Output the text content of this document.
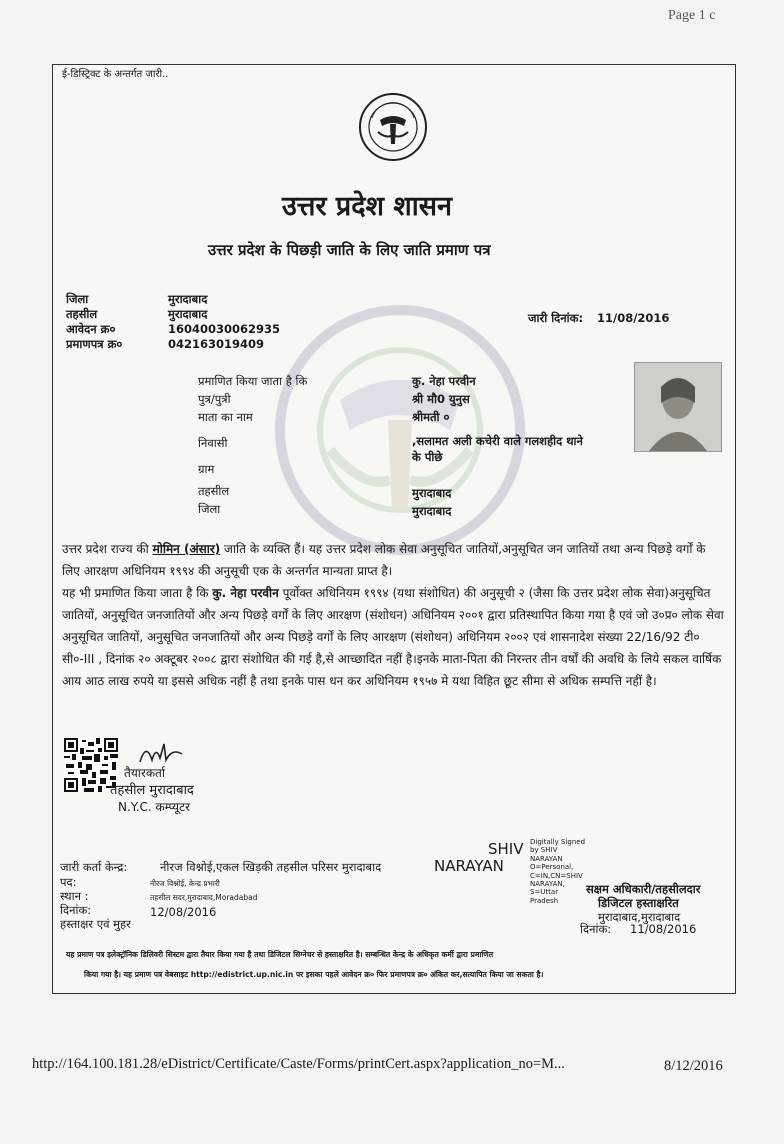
Page 1 c
ई-डिस्ट्रिक्ट के अन्तर्गत जारी..
उत्तर प्रदेश शासन
उत्तर प्रदेश के पिछड़ी जाति के लिए जाति प्रमाण पत्र
जिला	मुरादाबाद
तहसील	मुरादाबाद
आवेदन क्र०	16040030062935
प्रमाणपत्र क्र०	042163019409
जारी दिनांक: 11/08/2016
प्रमाणित किया जाता है कि	कु. नेहा परवीन
पुत्र/पुत्री	श्री मौ0 युनुस
माता का नाम	श्रीमती ०
निवासी	,सलामत अली कचेरी वाले गलशहीद थाने
के पीछे
ग्राम
तहसील	मुरादाबाद
जिला	मुरादाबाद
उत्तर प्रदेश राज्य की मोमिन (अंसार) जाति के व्यक्ति हैं। यह उत्तर प्रदेश लोक सेवा अनुसूचित जातियों,अनुसूचित जन जातियों तथा अन्य पिछड़े वर्गों के लिए आरक्षण अधिनियम १९९४ की अनुसूची एक के अन्तर्गत मान्यता प्राप्त है।
यह भी प्रमाणित किया जाता है कि कु. नेहा परवीन पूर्वोक्त अधिनियम १९९४ (यथा संशोधित) की अनुसूची २ (जैसा कि उत्तर प्रदेश लोक सेवा)अनुसूचित जातियों, अनुसूचित जनजातियों और अन्य पिछड़े वर्गों के लिए आरक्षण (संशोधन) अधिनियम २००१ द्वारा प्रतिस्थापित किया गया है एवं जो उ०प्र० लोक सेवा अनुसूचित जातियों, अनुसूचित जनजातियों और अन्य पिछड़े वर्गों के लिए आरक्षण (संशोधन) अधिनियम २००२ एवं शासनादेश संख्या 22/16/92 टी० सी०-III , दिनांक २० अक्टूबर २००८ द्वारा संशोधित की गई है,से आच्छादित नहीं है।इनके माता-पिता की निरन्तर तीन वर्षों की अवधि के लिये सकल वार्षिक आय आठ लाख रुपये या इससे अधिक नहीं है तथा इनके पास धन कर अधिनियम १९५७ मे यथा विहित छूट सीमा से अधिक सम्पत्ति नहीं है।
तैयारकर्ता
तहसील मुरादाबाद
N.Y.C. कम्प्यूटर
SHIV
NARAYAN
Digitally Signed
by SHIV
NARAYAN
O=Personal,
C=IN,CN=SHIV
NARAYAN,
S=Uttar
Pradesh
जारी कर्ता केन्द्र:	नीरज विश्नोई,एकल खिड़की तहसील परिसर मुरादाबाद
पद:	नीरज विश्नोई, केन्द्र प्रभारी
स्थान :	तहसील सदर,मुरादाबाद,Moradabad
दिनांक:	12/08/2016
हस्ताक्षर एवं मुहर
सक्षम अधिकारी/तहसीलदार
डिजिटल हस्ताक्षरित
मुरादाबाद,मुरादाबाद
दिनांक: 11/08/2016
यह प्रमाण पत्र इलेक्ट्रॉनिक डिलिवरी सिस्टम द्वारा तैयार किया गया है तथा डिजिटल सिग्नेचर से हस्ताक्षरित है। सम्बन्धित केन्द्र के अधिकृत कर्मी द्वारा प्रमाणित
किया गया है। यह प्रमाण पत्र वेबसाइट http://edistrict.up.nic.in पर इसका पहले आवेदन क्र० फिर प्रमाणपत्र क्र० अंकित कर,सत्यापित किया जा सकता है।
http://164.100.181.28/eDistrict/Certificate/Caste/Forms/printCert.aspx?application_no=M...	8/12/2016
